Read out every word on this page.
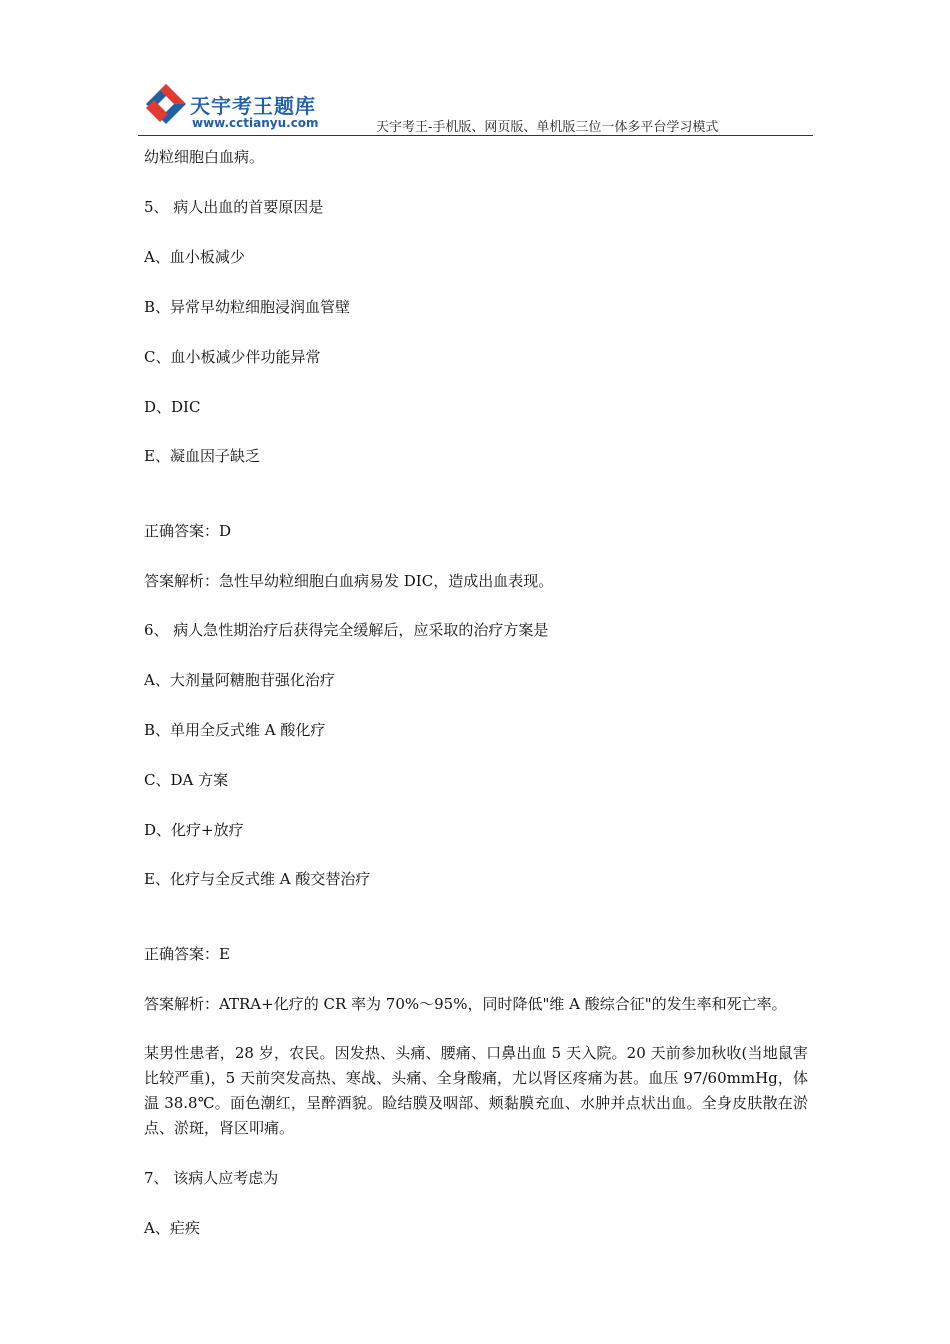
天宇考王题库
www.cctianyu.com	天宇考王-手机版、网页版、单机版三位一体多平台学习模式
幼粒细胞白血病。
5、 病人出血的首要原因是
A、血小板减少
B、异常早幼粒细胞浸润血管壁
C、血小板减少伴功能异常
D、DIC
E、凝血因子缺乏
正确答案：D
答案解析：急性早幼粒细胞白血病易发 DIC，造成出血表现。
6、 病人急性期治疗后获得完全缓解后，应采取的治疗方案是
A、大剂量阿糖胞苷强化治疗
B、单用全反式维 A 酸化疗
C、DA 方案
D、化疗+放疗
E、化疗与全反式维 A 酸交替治疗
正确答案：E
答案解析：ATRA+化疗的 CR 率为 70%～95%，同时降低"维 A 酸综合征"的发生率和死亡率。
某男性患者，28 岁，农民。因发热、头痛、腰痛、口鼻出血 5 天入院。20 天前参加秋收(当地鼠害比较严重)，5 天前突发高热、寒战、头痛、全身酸痛，尤以肾区疼痛为甚。血压 97/60mmHg，体温 38.8℃。面色潮红，呈醉酒貌。睑结膜及咽部、颊黏膜充血、水肿并点状出血。全身皮肤散在淤点、淤斑，肾区叩痛。
7、 该病人应考虑为
A、疟疾
